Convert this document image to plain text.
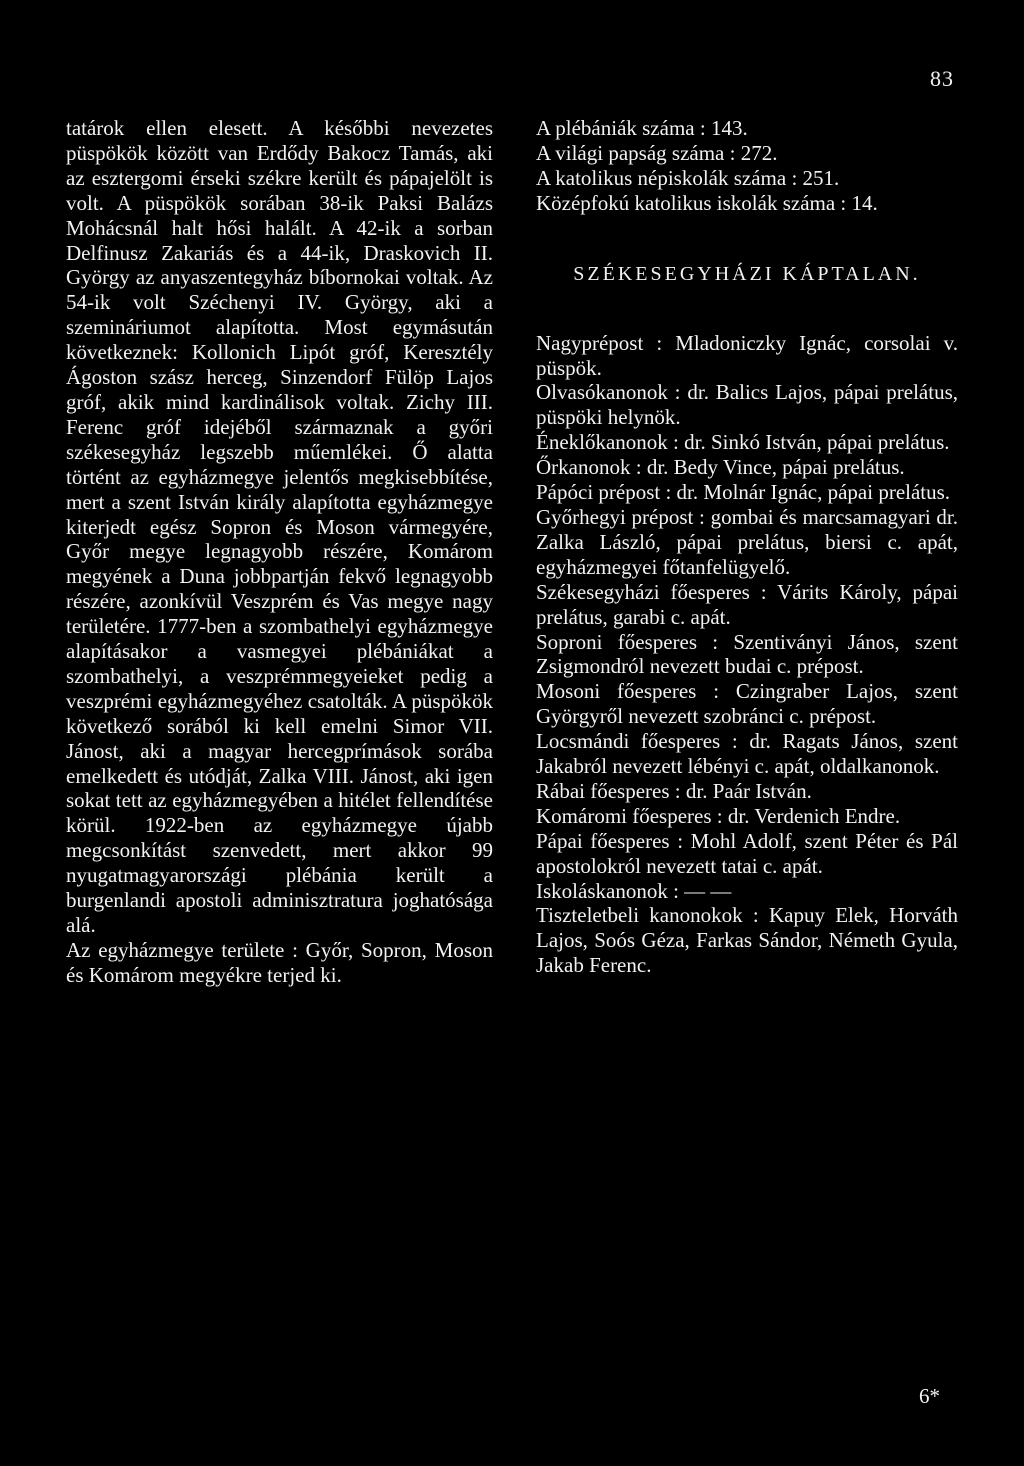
83

tatárok ellen elesett. A későbbi nevezetes püspökök között van Erdődy Bakocz Tamás, aki az esztergomi érseki székre került és pápajelölt is volt. A püspökök sorában 38-ik Paksi Balázs Mohácsnál halt hősi halált. A 42-ik a sorban Delfinusz Zakariás és a 44-ik, Draskovich II. György az anyaszentegyház bíbornokai voltak. Az 54-ik volt Széchenyi IV. György, aki a szemináriumot alapította. Most egymásután következnek: Kollonich Lipót gróf, Keresztély Ágoston szász herceg, Sinzendorf Fülöp Lajos gróf, akik mind kardinálisok voltak. Zichy III. Ferenc gróf idejéből származnak a győri székesegyház legszebb műemlékei. Ő alatta történt az egyházmegye jelentős megkisebbítése, mert a szent István király alapította egyházmegye kiterjedt egész Sopron és Moson vármegyére, Győr megye legnagyobb részére, Komárom megyének a Duna jobbpartján fekvő legnagyobb részére, azonkívül Veszprém és Vas megye nagy területére. 1777-ben a szombathelyi egyházmegye alapításakor a vasmegyei plébániákat a szombathelyi, a veszprémmegyeieket pedig a veszprémi egyházmegyéhez csatolták. A püspökök következő sorából ki kell emelni Simor VII. Jánost, aki a magyar hercegprímások sorába emelkedett és utódját, Zalka VIII. Jánost, aki igen sokat tett az egyházmegyében a hitélet fellendítése körül. 1922-ben az egyházmegye újabb megcsonkítást szenvedett, mert akkor 99 nyugatmagyarországi plébánia került a burgenlandi apostoli adminisztratura joghatósága alá.

Az egyházmegye területe : Győr, Sopron, Moson és Komárom megyékre terjed ki.

A plébániák száma : 143.

A világi papság száma : 272.

A katolikus népiskolák száma : 251.

Középfokú katolikus iskolák száma : 14.

SZÉKESEGYHÁZI KÁPTALAN.

Nagyprépost : Mladoniczky Ignác, corsolai v. püspök.

Olvasókanonok : dr. Balics Lajos, pápai prelátus, püspöki helynök.

Éneklőkanonok : dr. Sinkó István, pápai prelátus.

Őrkanonok : dr. Bedy Vince, pápai prelátus.

Pápóci prépost : dr. Molnár Ignác, pápai prelátus.

Győrhegyi prépost : gombai és marcsamagyari dr. Zalka László, pápai prelátus, biersi c. apát, egyházmegyei főtanfelügyelő.

Székesegyházi főesperes : Várits Károly, pápai prelátus, garabi c. apát.

Soproni főesperes : Szentiványi János, szent Zsigmondról nevezett budai c. prépost.

Mosoni főesperes : Czingraber Lajos, szent Györgyről nevezett szobránci c. prépost.

Locsmándi főesperes : dr. Ragats János, szent Jakabról nevezett lébényi c. apát, oldalkanonok.

Rábai főesperes : dr. Paár István.

Komáromi főesperes : dr. Verdenich Endre.

Pápai főesperes : Mohl Adolf, szent Péter és Pál apostolokról nevezett tatai c. apát.

Iskoláskanonok : — —

Tiszteletbeli kanonokok : Kapuy Elek, Horváth Lajos, Soós Géza, Farkas Sándor, Németh Gyula, Jakab Ferenc.

6*
